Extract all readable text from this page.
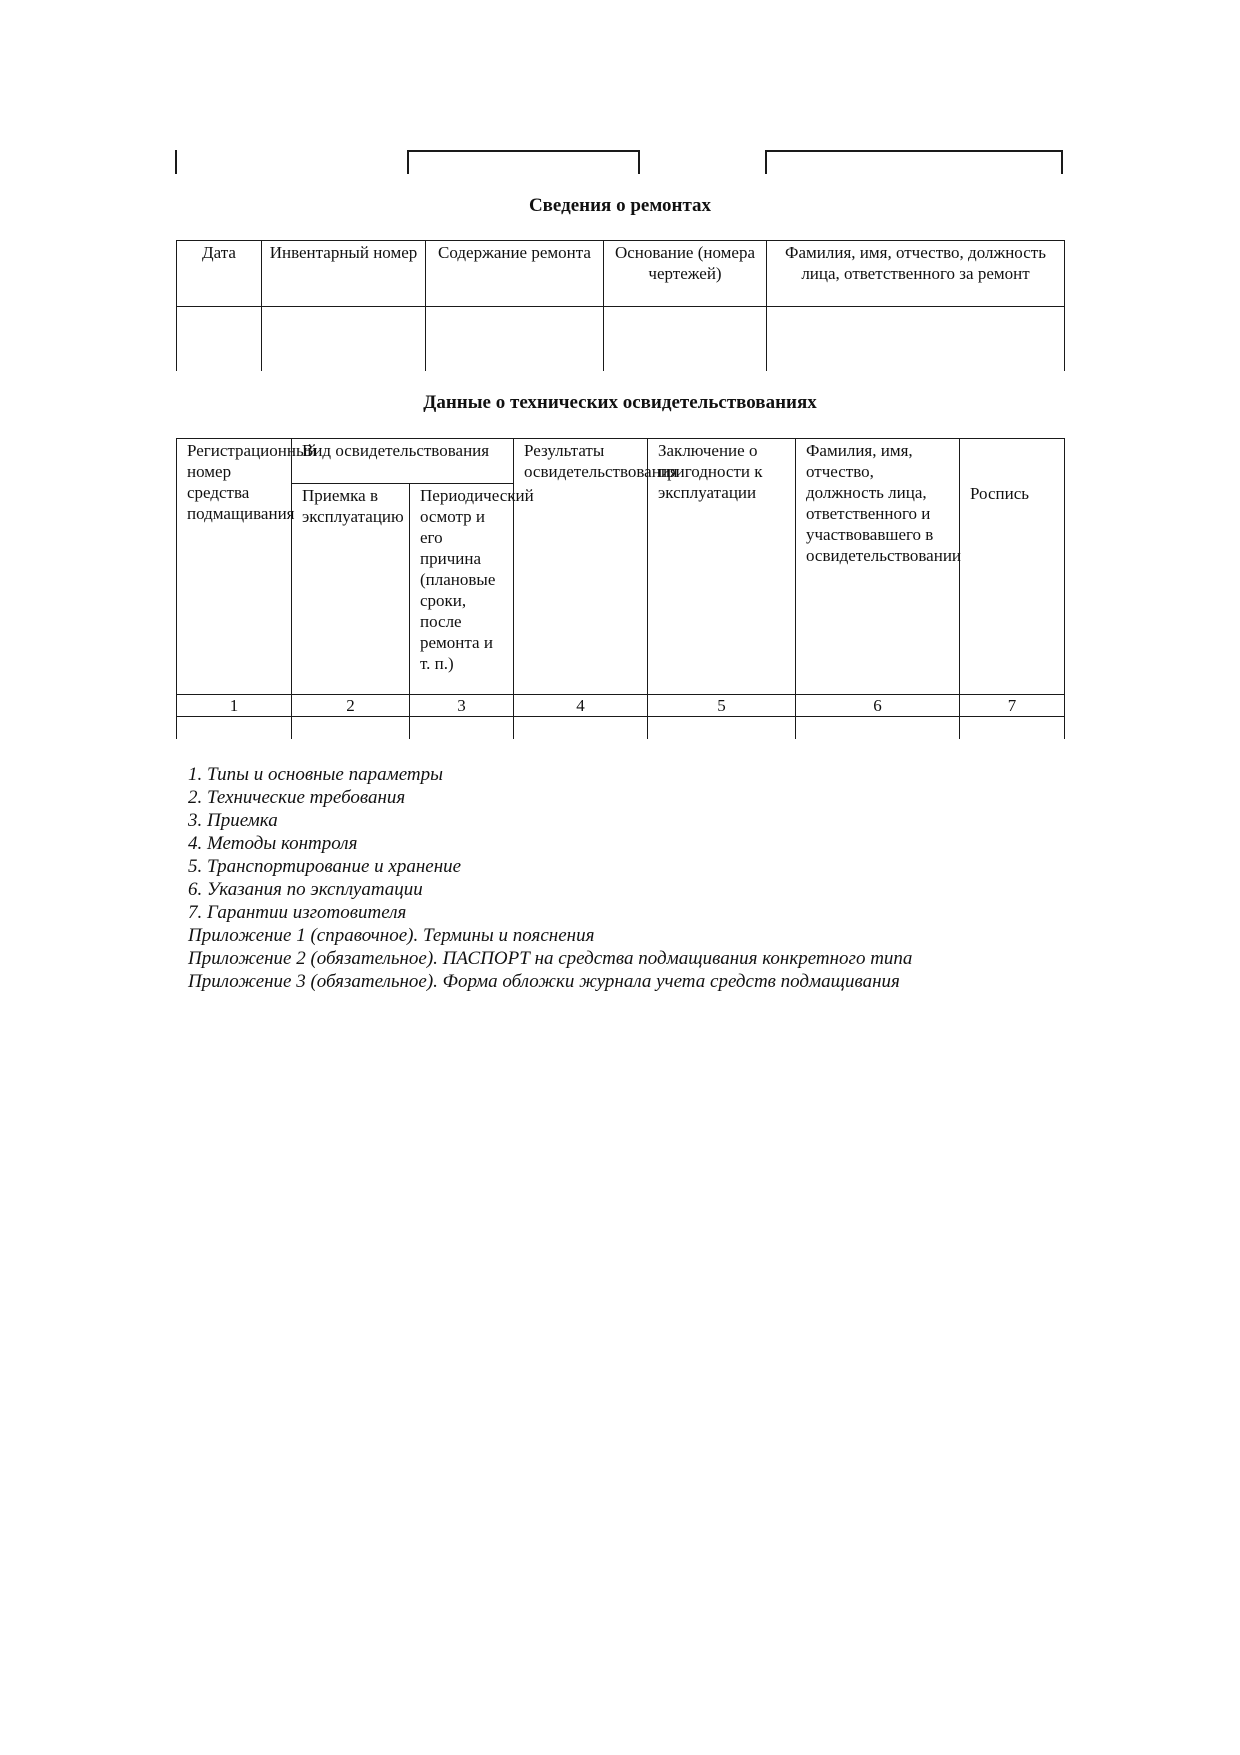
Сведения о ремонтах
Дата	Инвентарный номер	Содержание ремонта	Основание (номера чертежей)	Фамилия, имя, отчество, должность лица, ответственного за ремонт

Данные о технических освидетельствованиях
Регистрационный номер средства подмащивания	Вид освидетельствования		Результаты освидетельствования	Заключение о пригодности к эксплуатации	Фамилия, имя, отчество, должность лица, ответственного и участвовавшего в освидетельствовании	Роспись
	Приемка в эксплуатацию	Периодический осмотр и его причина (плановые сроки, после ремонта и т. п.)				
1	2	3	4	5	6	7

1. Типы и основные параметры
2. Технические требования
3. Приемка
4. Методы контроля
5. Транспортирование и хранение
6. Указания по эксплуатации
7. Гарантии изготовителя
Приложение 1 (справочное). Термины и пояснения
Приложение 2 (обязательное). ПАСПОРТ на средства подмащивания конкретного типа
Приложение 3 (обязательное). Форма обложки журнала учета средств подмащивания
